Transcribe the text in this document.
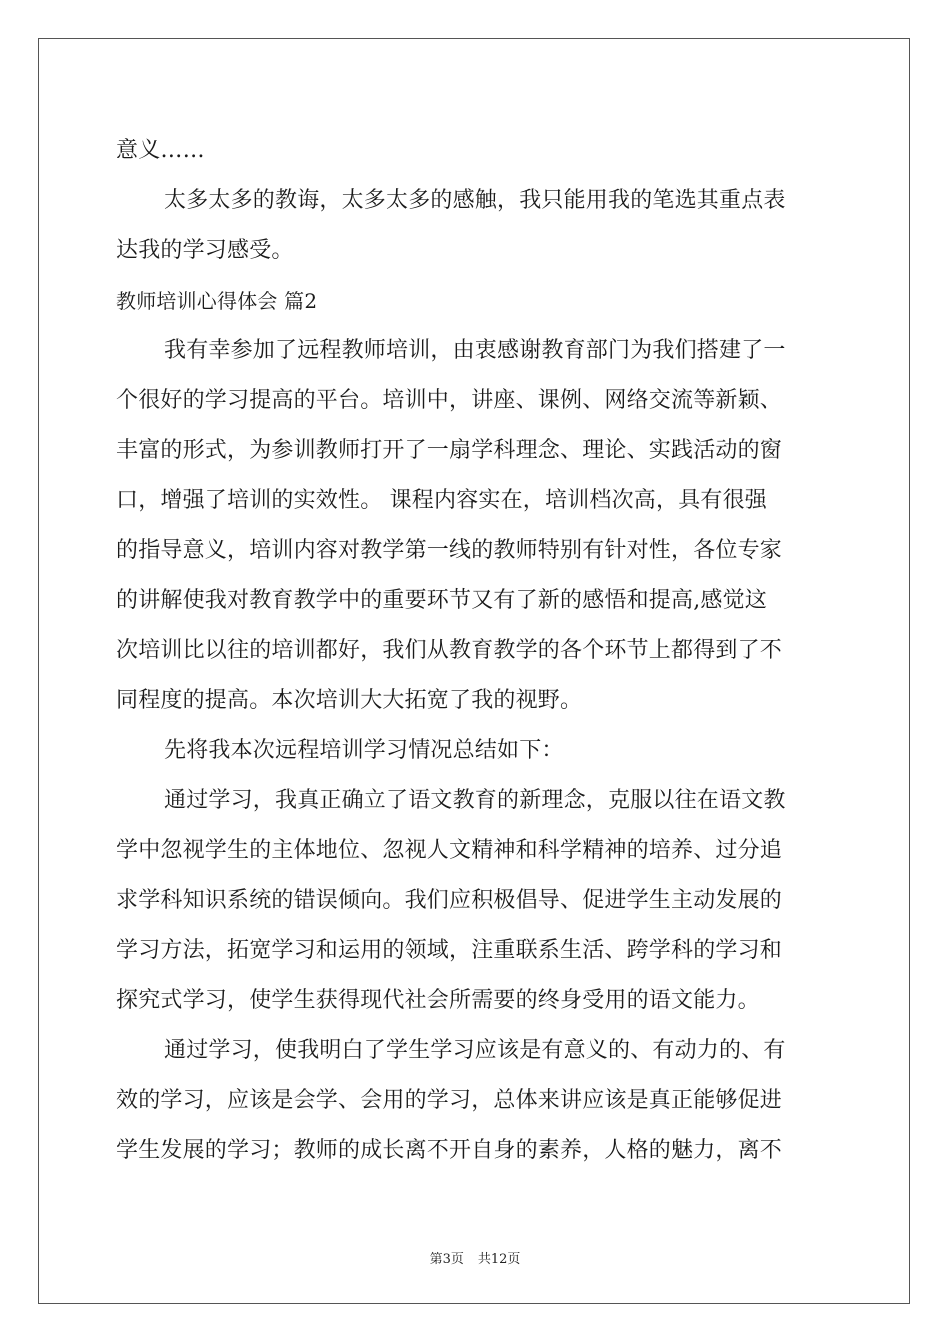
意义……
太多太多的教诲，太多太多的感触，我只能用我的笔选其重点表
达我的学习感受。
教师培训心得体会 篇2
我有幸参加了远程教师培训，由衷感谢教育部门为我们搭建了一
个很好的学习提高的平台。培训中，讲座、课例、网络交流等新颖、
丰富的形式，为参训教师打开了一扇学科理念、理论、实践活动的窗
口，增强了培训的实效性。 课程内容实在，培训档次高，具有很强
的指导意义，培训内容对教学第一线的教师特别有针对性，各位专家
的讲解使我对教育教学中的重要环节又有了新的感悟和提高,感觉这
次培训比以往的培训都好，我们从教育教学的各个环节上都得到了不
同程度的提高。本次培训大大拓宽了我的视野。
先将我本次远程培训学习情况总结如下：
通过学习，我真正确立了语文教育的新理念，克服以往在语文教
学中忽视学生的主体地位、忽视人文精神和科学精神的培养、过分追
求学科知识系统的错误倾向。我们应积极倡导、促进学生主动发展的
学习方法，拓宽学习和运用的领域，注重联系生活、跨学科的学习和
探究式学习，使学生获得现代社会所需要的终身受用的语文能力。
通过学习，使我明白了学生学习应该是有意义的、有动力的、有
效的学习，应该是会学、会用的学习，总体来讲应该是真正能够促进
学生发展的学习；教师的成长离不开自身的素养，人格的魅力，离不
第3页 共12页
